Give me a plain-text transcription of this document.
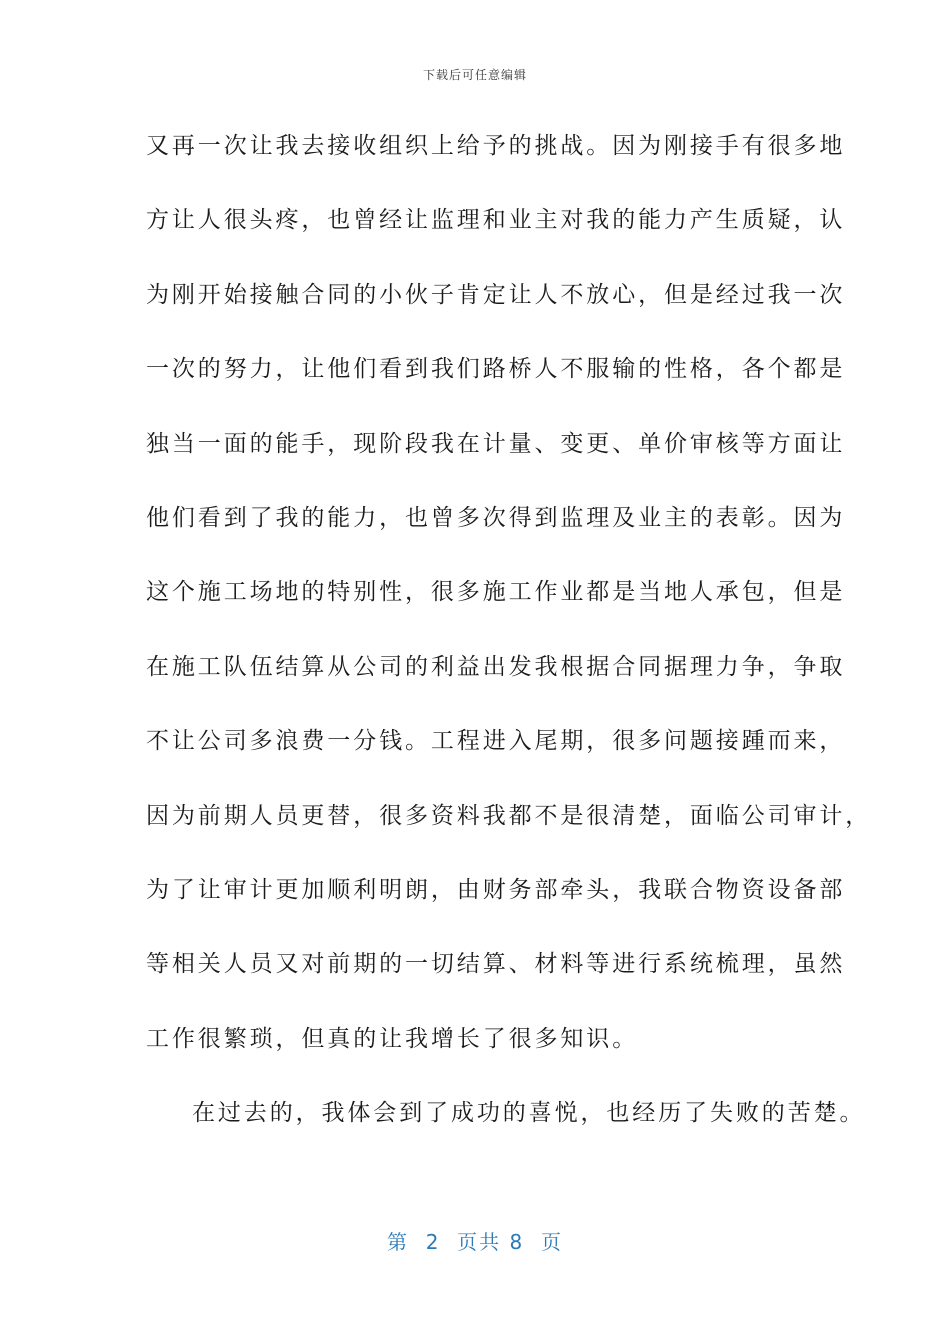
下载后可任意编辑
又再一次让我去接收组织上给予的挑战。因为刚接手有很多地
方让人很头疼，也曾经让监理和业主对我的能力产生质疑，认
为刚开始接触合同的小伙子肯定让人不放心，但是经过我一次
一次的努力，让他们看到我们路桥人不服输的性格，各个都是
独当一面的能手，现阶段我在计量、变更、单价审核等方面让
他们看到了我的能力，也曾多次得到监理及业主的表彰。因为
这个施工场地的特别性，很多施工作业都是当地人承包，但是
在施工队伍结算从公司的利益出发我根据合同据理力争，争取
不让公司多浪费一分钱。工程进入尾期，很多问题接踵而来，
因为前期人员更替，很多资料我都不是很清楚，面临公司审计，
为了让审计更加顺利明朗，由财务部牵头，我联合物资设备部
等相关人员又对前期的一切结算、材料等进行系统梳理，虽然
工作很繁琐，但真的让我增长了很多知识。
在过去的，我体会到了成功的喜悦，也经历了失败的苦楚。
第  2  页共 8  页
